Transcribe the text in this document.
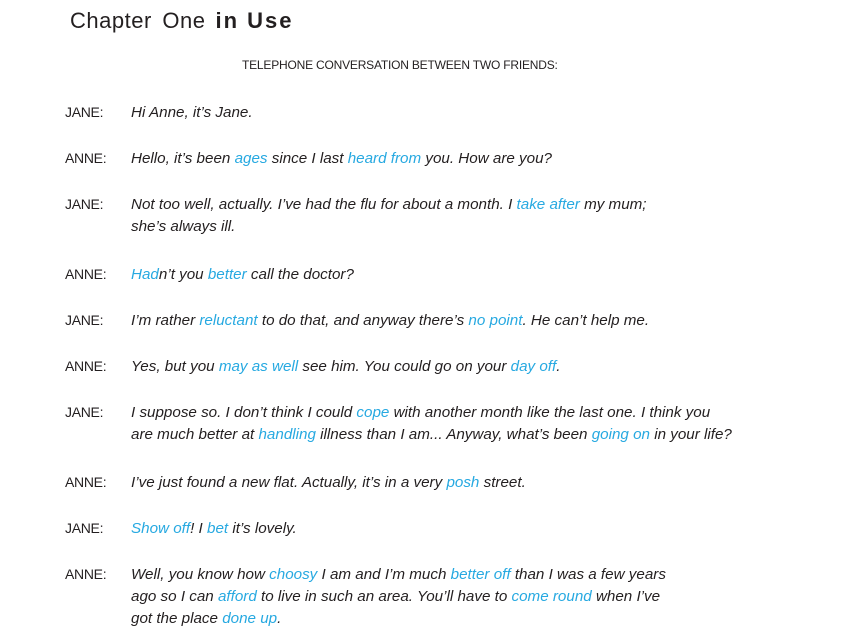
Chapter One in Use
TELEPHONE CONVERSATION BETWEEN TWO FRIENDS:
JANE: Hi Anne, it’s Jane.
ANNE: Hello, it’s been ages since I last heard from you. How are you?
JANE: Not too well, actually. I’ve had the flu for about a month. I take after my mum;
she’s always ill.
ANNE: Hadn’t you better call the doctor?
JANE: I’m rather reluctant to do that, and anyway there’s no point. He can’t help me.
ANNE: Yes, but you may as well see him. You could go on your day off.
JANE: I suppose so. I don’t think I could cope with another month like the last one. I think you
are much better at handling illness than I am... Anyway, what’s been going on in your life?
ANNE: I’ve just found a new flat. Actually, it’s in a very posh street.
JANE: Show off! I bet it’s lovely.
ANNE: Well, you know how choosy I am and I’m much better off than I was a few years
ago so I can afford to live in such an area. You’ll have to come round when I’ve
got the place done up.
